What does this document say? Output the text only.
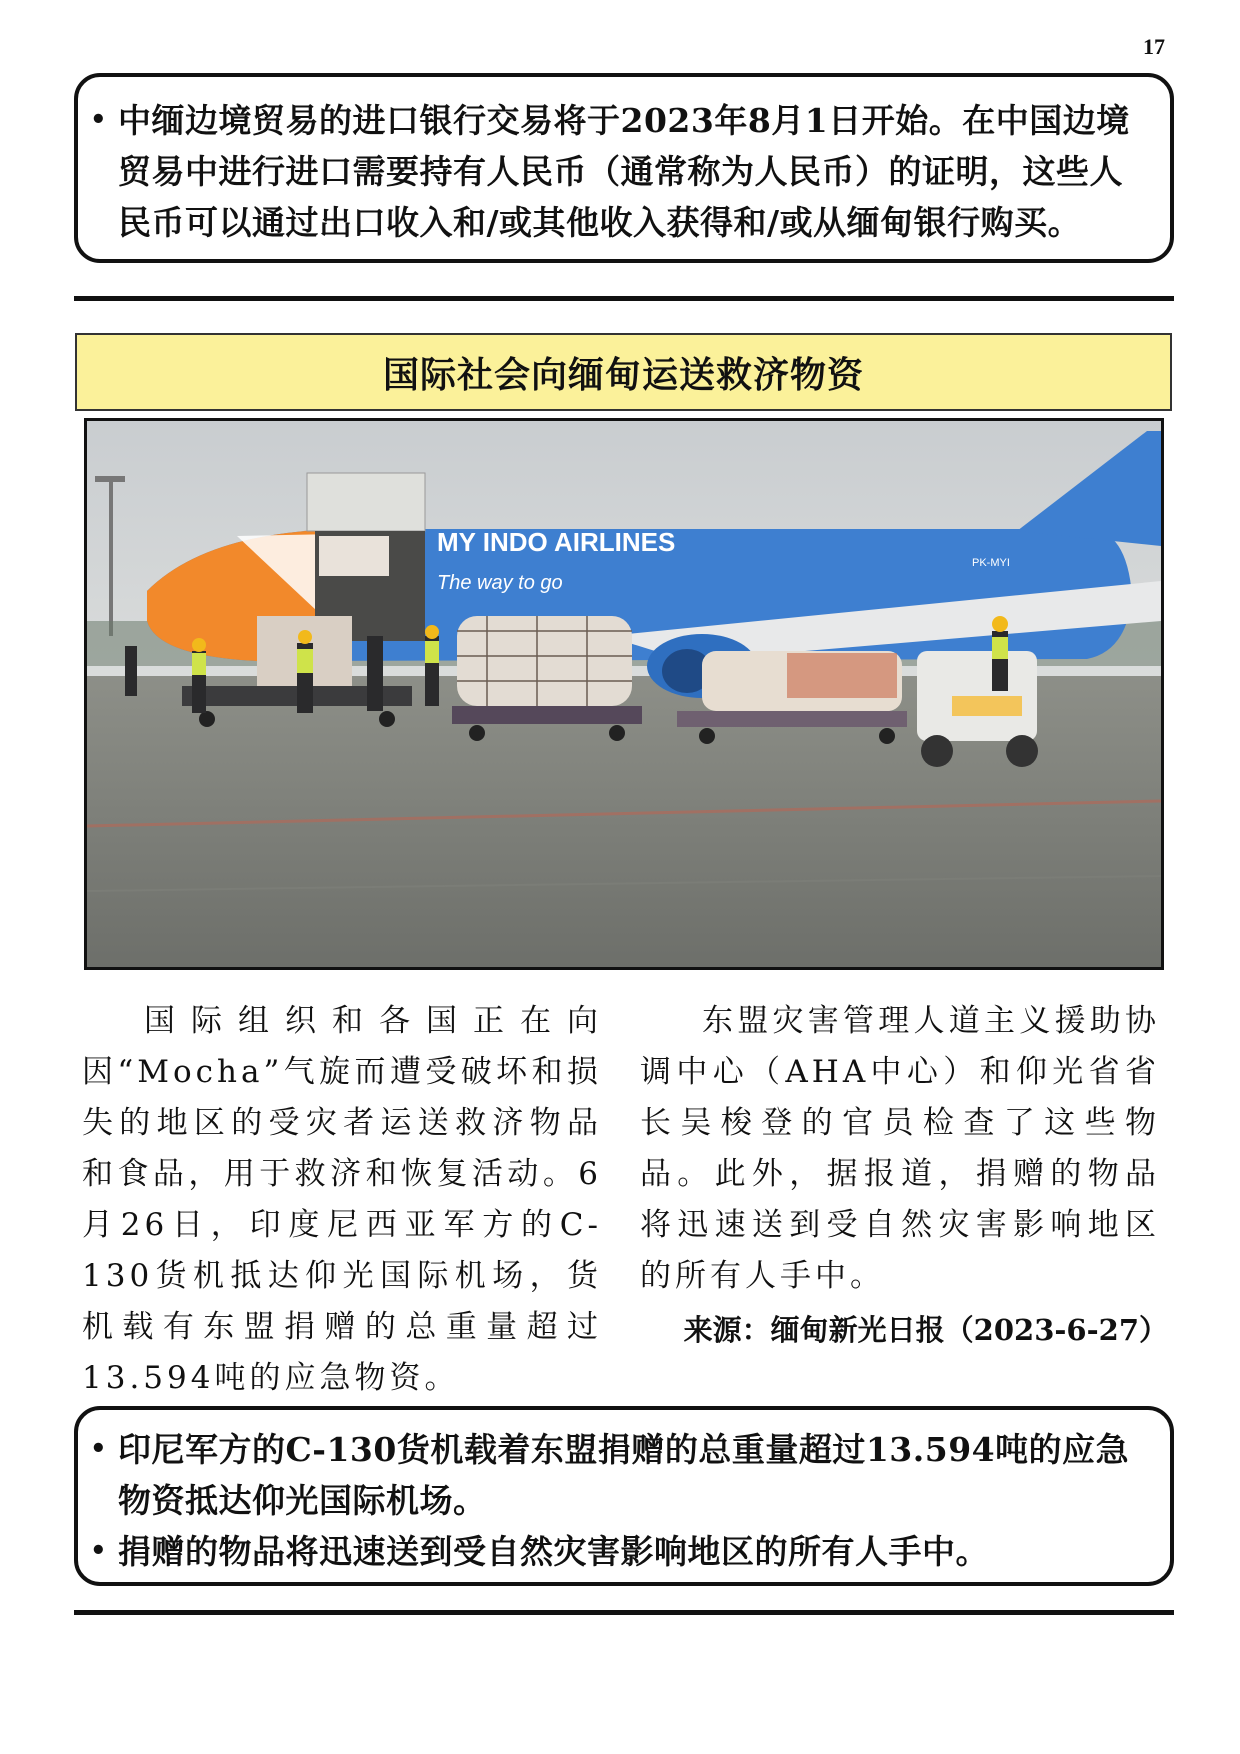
17
• 中缅边境贸易的进口银行交易将于2023年8月1日开始。在中国边境贸易中进行进口需要持有人民币（通常称为人民币）的证明，这些人民币可以通过出口收入和/或其他收入获得和/或从缅甸银行购买。
国际社会向缅甸运送救济物资
MY INDO AIRLINES
The way to go
PK-MYI

国际组织和各国正在向因“Mocha”气旋而遭受破坏和损失的地区的受灾者运送救济物品和食品，用于救济和恢复活动。6月26日，印度尼西亚军方的C-130货机抵达仰光国际机场，货机载有东盟捐赠的总重量超过13.594吨的应急物资。

东盟灾害管理人道主义援助协调中心（AHA中心）和仰光省省长吴梭登的官员检查了这些物品。此外，据报道，捐赠的物品将迅速送到受自然灾害影响地区的所有人手中。

来源：缅甸新光日报（2023-6-27）
• 印尼军方的C-130货机载着东盟捐赠的总重量超过13.594吨的应急物资抵达仰光国际机场。
• 捐赠的物品将迅速送到受自然灾害影响地区的所有人手中。
